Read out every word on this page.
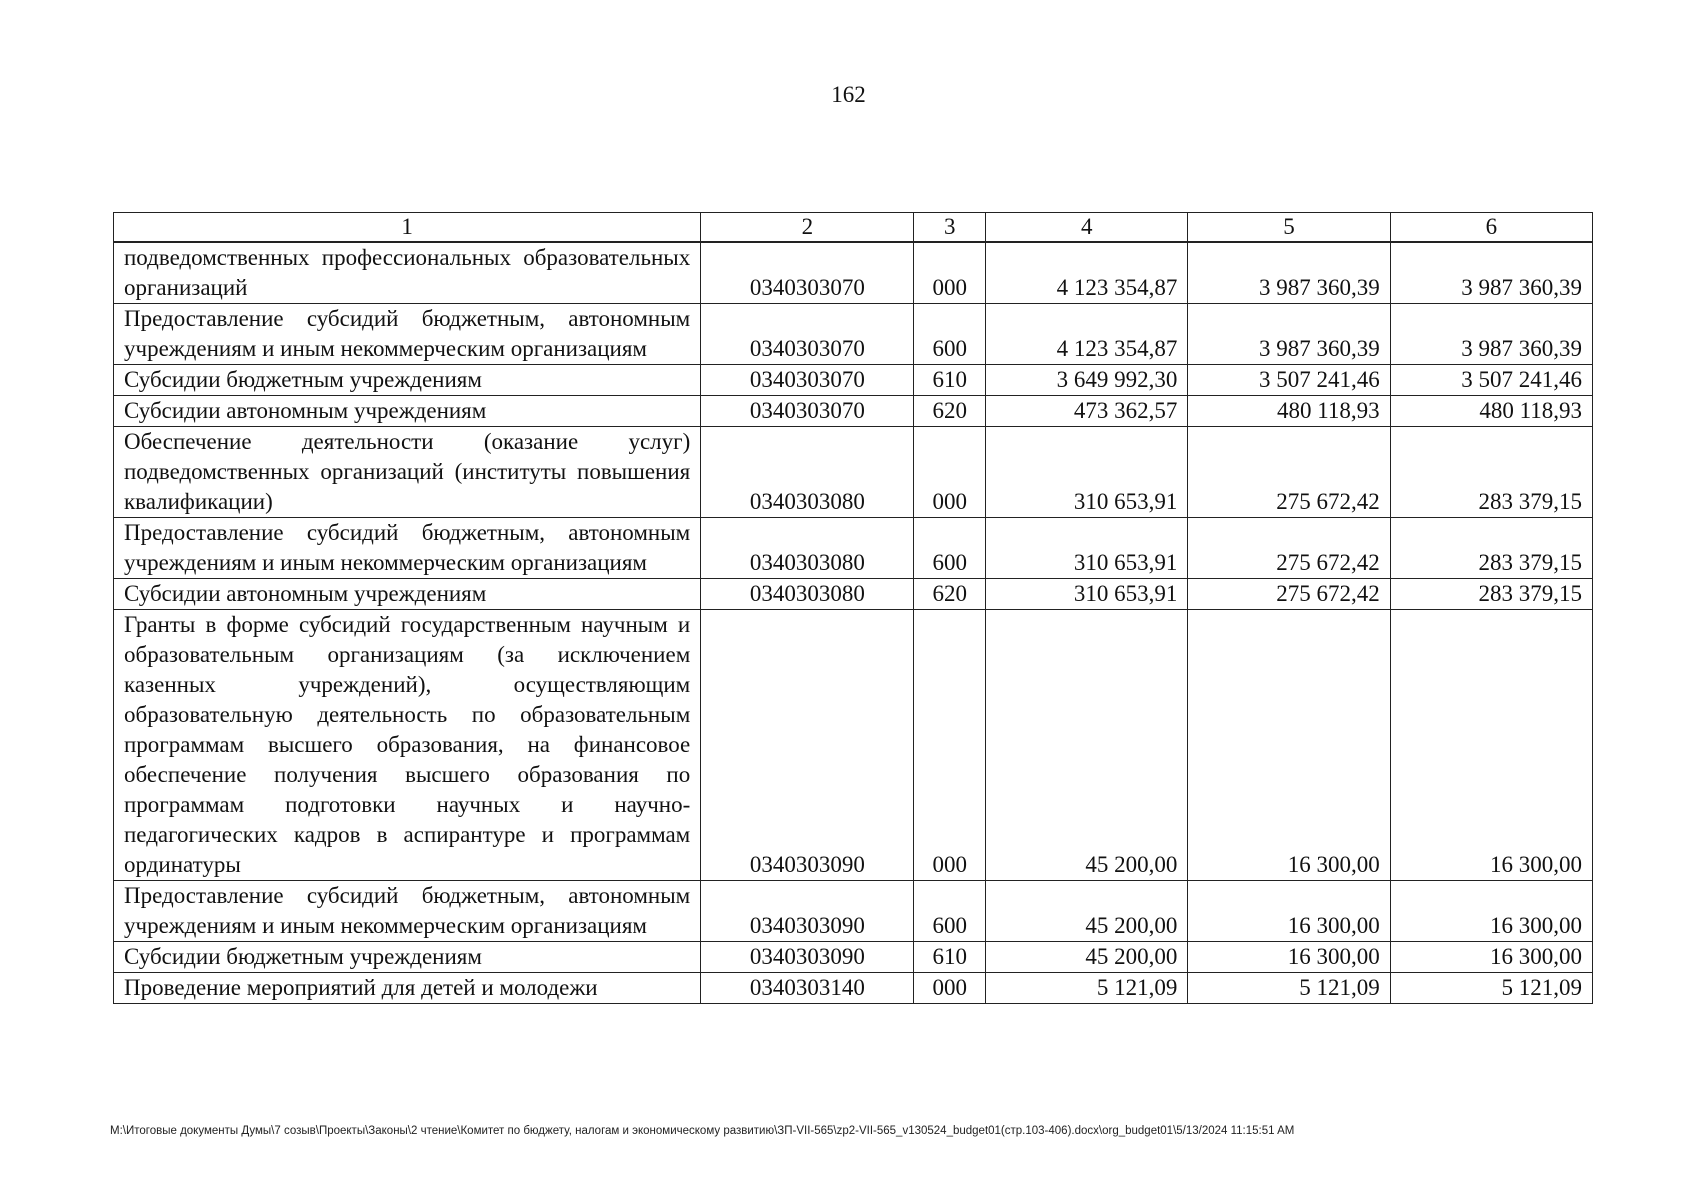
162
1	2	3	4	5	6
подведомственных профессиональных образовательных организаций	0340303070	000	4 123 354,87	3 987 360,39	3 987 360,39
Предоставление субсидий бюджетным, автономным учреждениям и иным некоммерческим организациям	0340303070	600	4 123 354,87	3 987 360,39	3 987 360,39
Субсидии бюджетным учреждениям	0340303070	610	3 649 992,30	3 507 241,46	3 507 241,46
Субсидии автономным учреждениям	0340303070	620	473 362,57	480 118,93	480 118,93
Обеспечение деятельности (оказание услуг) подведомственных организаций (институты повышения квалификации)	0340303080	000	310 653,91	275 672,42	283 379,15
Предоставление субсидий бюджетным, автономным учреждениям и иным некоммерческим организациям	0340303080	600	310 653,91	275 672,42	283 379,15
Субсидии автономным учреждениям	0340303080	620	310 653,91	275 672,42	283 379,15
Гранты в форме субсидий государственным научным и образовательным организациям (за исключением казенных учреждений), осуществляющим образовательную деятельность по образовательным программам высшего образования, на финансовое обеспечение получения высшего образования по программам подготовки научных и научно-педагогических кадров в аспирантуре и программам ординатуры	0340303090	000	45 200,00	16 300,00	16 300,00
Предоставление субсидий бюджетным, автономным учреждениям и иным некоммерческим организациям	0340303090	600	45 200,00	16 300,00	16 300,00
Субсидии бюджетным учреждениям	0340303090	610	45 200,00	16 300,00	16 300,00
Проведение мероприятий для детей и молодежи	0340303140	000	5 121,09	5 121,09	5 121,09
M:\Итоговые документы Думы\7 созыв\Проекты\Законы\2 чтение\Комитет по бюджету, налогам и экономическому развитию\ЗП-VII-565\zp2-VII-565_v130524_budget01(стр.103-406).docx\org_budget01\5/13/2024 11:15:51 AM
